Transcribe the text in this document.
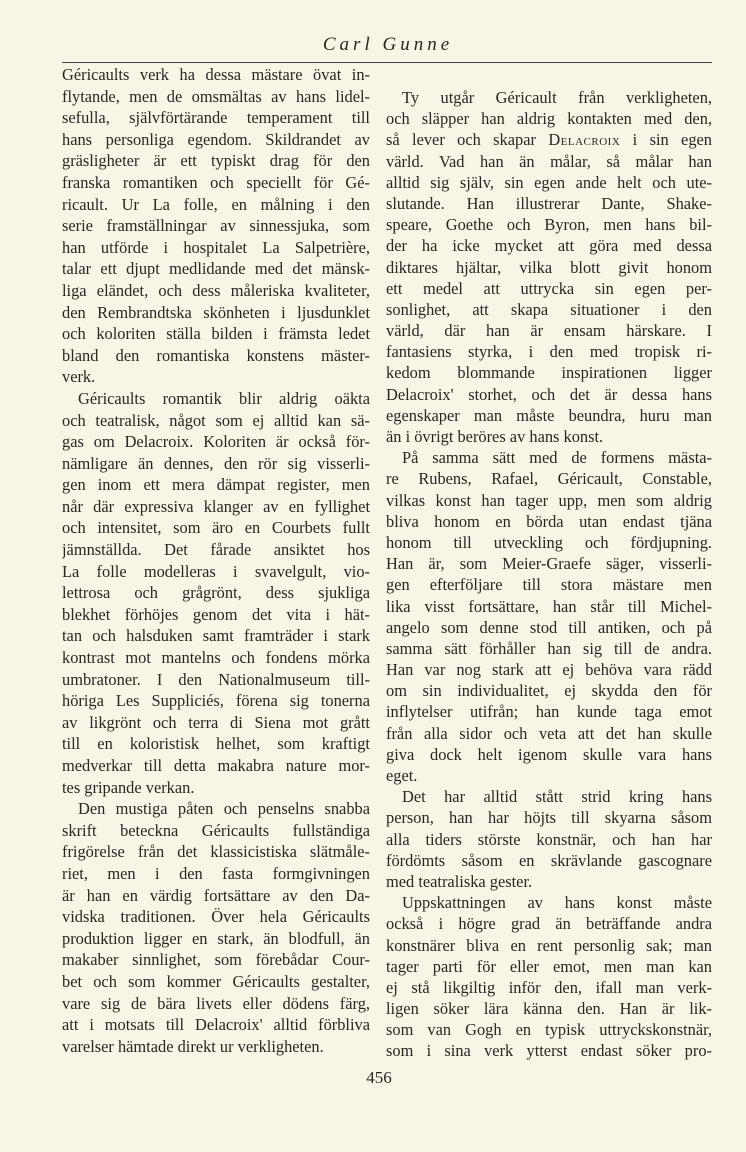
Carl Gunne
Géricaults verk ha dessa mästare övat in-
flytande, men de omsmältas av hans lidel-
sefulla, självförtärande temperament till
hans personliga egendom. Skildrandet av
gräsligheter är ett typiskt drag för den
franska romantiken och speciellt för Gé-
ricault. Ur La folle, en målning i den
serie framställningar av sinnessjuka, som
han utförde i hospitalet La Salpetrière,
talar ett djupt medlidande med det mänsk-
liga eländet, och dess måleriska kvaliteter,
den Rembrandtska skönheten i ljusdunklet
och koloriten ställa bilden i främsta ledet
bland den romantiska konstens mäster-
verk.
Géricaults romantik blir aldrig oäkta
och teatralisk, något som ej alltid kan sä-
gas om Delacroix. Koloriten är också för-
nämligare än dennes, den rör sig visserli-
gen inom ett mera dämpat register, men
når där expressiva klanger av en fyllighet
och intensitet, som äro en Courbets fullt
jämnställda. Det fårade ansiktet hos
La folle modelleras i svavelgult, vio-
lettrosa och grågrönt, dess sjukliga
blekhet förhöjes genom det vita i hät-
tan och halsduken samt framträder i stark
kontrast mot mantelns och fondens mörka
umbratoner. I den Nationalmuseum till-
höriga Les Suppliciés, förena sig tonerna
av likgrönt och terra di Siena mot grått
till en koloristisk helhet, som kraftigt
medverkar till detta makabra nature mor-
tes gripande verkan.
Den mustiga påten och penselns snabba
skrift beteckna Géricaults fullständiga
frigörelse från det klassicistiska slätmåle-
riet, men i den fasta formgivningen
är han en värdig fortsättare av den Da-
vidska traditionen. Över hela Géricaults
produktion ligger en stark, än blodfull, än
makaber sinnlighet, som förebådar Cour-
bet och som kommer Géricaults gestalter,
vare sig de bära livets eller dödens färg,
att i motsats till Delacroix' alltid förbliva
varelser hämtade direkt ur verkligheten.
Ty utgår Géricault från verkligheten,
och släpper han aldrig kontakten med den,
så lever och skapar Delacroix i sin egen
värld. Vad han än målar, så målar han
alltid sig själv, sin egen ande helt och ute-
slutande. Han illustrerar Dante, Shake-
speare, Goethe och Byron, men hans bil-
der ha icke mycket att göra med dessa
diktares hjältar, vilka blott givit honom
ett medel att uttrycka sin egen per-
sonlighet, att skapa situationer i den
värld, där han är ensam härskare. I
fantasiens styrka, i den med tropisk ri-
kedom blommande inspirationen ligger
Delacroix' storhet, och det är dessa hans
egenskaper man måste beundra, huru man
än i övrigt beröres av hans konst.
På samma sätt med de formens mästa-
re Rubens, Rafael, Géricault, Constable,
vilkas konst han tager upp, men som aldrig
bliva honom en börda utan endast tjäna
honom till utveckling och fördjupning.
Han är, som Meier-Graefe säger, visserli-
gen efterföljare till stora mästare men
lika visst fortsättare, han står till Michel-
angelo som denne stod till antiken, och på
samma sätt förhåller han sig till de andra.
Han var nog stark att ej behöva vara rädd
om sin individualitet, ej skydda den för
inflytelser utifrån; han kunde taga emot
från alla sidor och veta att det han skulle
giva dock helt igenom skulle vara hans
eget.
Det har alltid stått strid kring hans
person, han har höjts till skyarna såsom
alla tiders störste konstnär, och han har
fördömts såsom en skrävlande gascognare
med teatraliska gester.
Uppskattningen av hans konst måste
också i högre grad än beträffande andra
konstnärer bliva en rent personlig sak; man
tager parti för eller emot, men man kan
ej stå likgiltig inför den, ifall man verk-
ligen söker lära känna den. Han är lik-
som van Gogh en typisk uttryckskonstnär,
som i sina verk ytterst endast söker pro-
456
